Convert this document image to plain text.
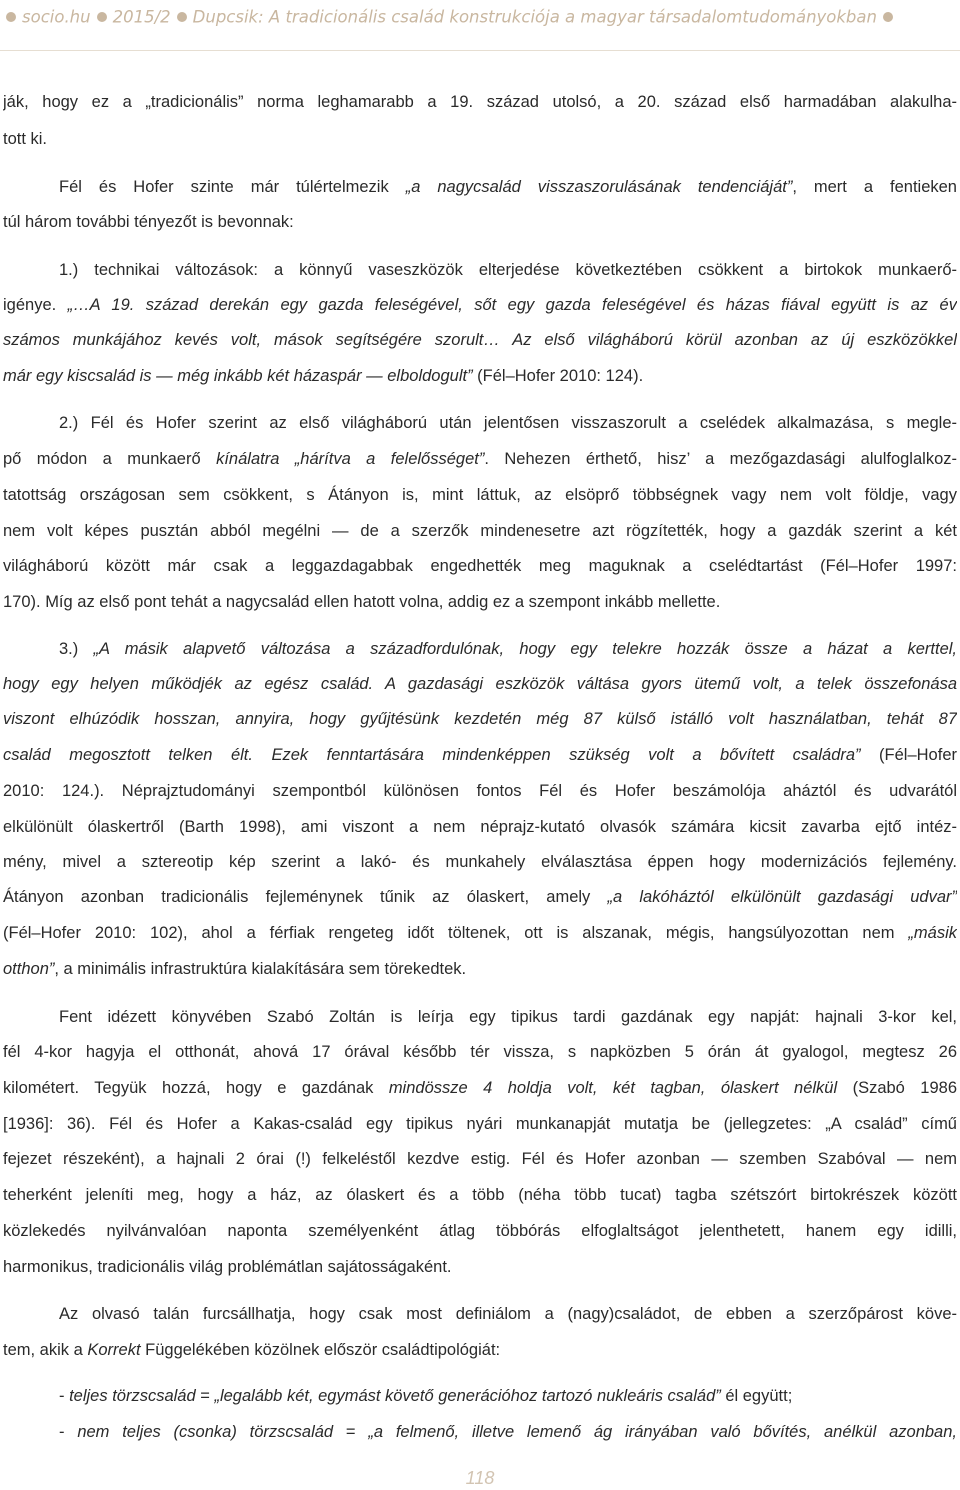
socio.hu 2015/2 Dupcsik: A tradicionális család konstrukciója a magyar társadalomtudományokban
ják, hogy ez a „tradicionális” norma leghamarabb a 19. század utolsó, a 20. század első harmadában alakulha-
tott ki.
Fél és Hofer szinte már túlértelmezik „a nagycsalád visszaszorulásának tendenciáját”, mert a fentieken
túl három további tényezőt is bevonnak:
1.) technikai változások: a könnyű vaseszközök elterjedése következtében csökkent a birtokok munkaerő-
igénye. „…A 19. század derekán egy gazda feleségével, sőt egy gazda feleségével és házas fiával együtt is az év
számos munkájához kevés volt, mások segítségére szorult… Az első világháború körül azonban az új eszközökkel
már egy kiscsalád is — még inkább két házaspár — elboldogult” (Fél–Hofer 2010: 124).
2.) Fél és Hofer szerint az első világháború után jelentősen visszaszorult a cselédek alkalmazása, s meglе-
pő módon a munkaerő kínálatra „hárítva a felelősséget”. Nehezen érthető, hisz’ a mezőgazdasági alulfoglalkoz-
tatottság országosan sem csökkent, s Átányon is, mint láttuk, az elsöprő többségnek vagy nem volt földje, vagy
nem volt képes pusztán abból megélni — de a szerzők mindenesetre azt rögzítették, hogy a gazdák szerint a két
világháború között már csak a leggazdagabbak engedhették meg maguknak a cselédtartást (Fél–Hofer 1997:
170). Míg az első pont tehát a nagycsalád ellen hatott volna, addig ez a szempont inkább mellette.
3.) „A másik alapvető változása a századfordulónak, hogy egy telekre hozzák össze a házat a kerttel,
hogy egy helyen működjék az egész család. A gazdasági eszközök váltása gyors ütemű volt, a telek összefonása
viszont elhúzódik hosszan, annyira, hogy gyűjtésünk kezdetén még 87 külső istálló volt használatban, tehát 87
család megosztott telken élt. Ezek fenntartására mindenképpen szükség volt a bővített családra” (Fél–Hofer
2010: 124.). Néprajztudományi szempontból különösen fontos Fél és Hofer beszámolója aháztól és udvarától
elkülönült ólaskertről (Barth 1998), ami viszont a nem néprajz-kutató olvasók számára kicsit zavarba ejtő intéz-
mény, mivel a sztereotip kép szerint a lakó- és munkahely elválasztása éppen hogy modernizációs fejlemény.
Átányon azonban tradicionális fejleménynek tűnik az ólaskert, amely „a lakóháztól elkülönült gazdasági udvar”
(Fél–Hofer 2010: 102), ahol a férfiak rengeteg időt töltenek, ott is alszanak, mégis, hangsúlyozottan nem „másik
otthon”, a minimális infrastruktúra kialakítására sem törekedtek.
Fent idézett könyvében Szabó Zoltán is leírja egy tipikus tardi gazdának egy napját: hajnali 3-kor kel,
fél 4-kor hagyja el otthonát, ahová 17 órával később tér vissza, s napközben 5 órán át gyalogol, megtesz 26
kilométert. Tegyük hozzá, hogy e gazdának mindössze 4 holdja volt, két tagban, ólaskert nélkül (Szabó 1986
[1936]: 36). Fél és Hofer a Kakas-család egy tipikus nyári munkanapját mutatja be (jellegzetes: „A család” című
fejezet részeként), a hajnali 2 órai (!) felkeléstől kezdve estig. Fél és Hofer azonban — szemben Szabóval — nem
teherként jeleníti meg, hogy a ház, az ólaskert és a több (néha több tucat) tagba szétszórt birtokrészek között
közlekedés nyilvánvalóan naponta személyenként átlag többórás elfoglaltságot jelenthetett, hanem egy idilli,
harmonikus, tradicionális világ problémátlan sajátosságaként.
Az olvasó talán furcsállhatja, hogy csak most definiálom a (nagy)családot, de ebben a szerzőpárost köve-
tem, akik a Korrekt Függelékében közölnek először családtipológiát:
- teljes törzscsalád = „legalább két, egymást követő generációhoz tartozó nukleáris család” él együtt;
- nem teljes (csonka) törzscsalád = „a felmenő, illetve lemenő ág irányában való bővítés, anélkül azonban,
118
